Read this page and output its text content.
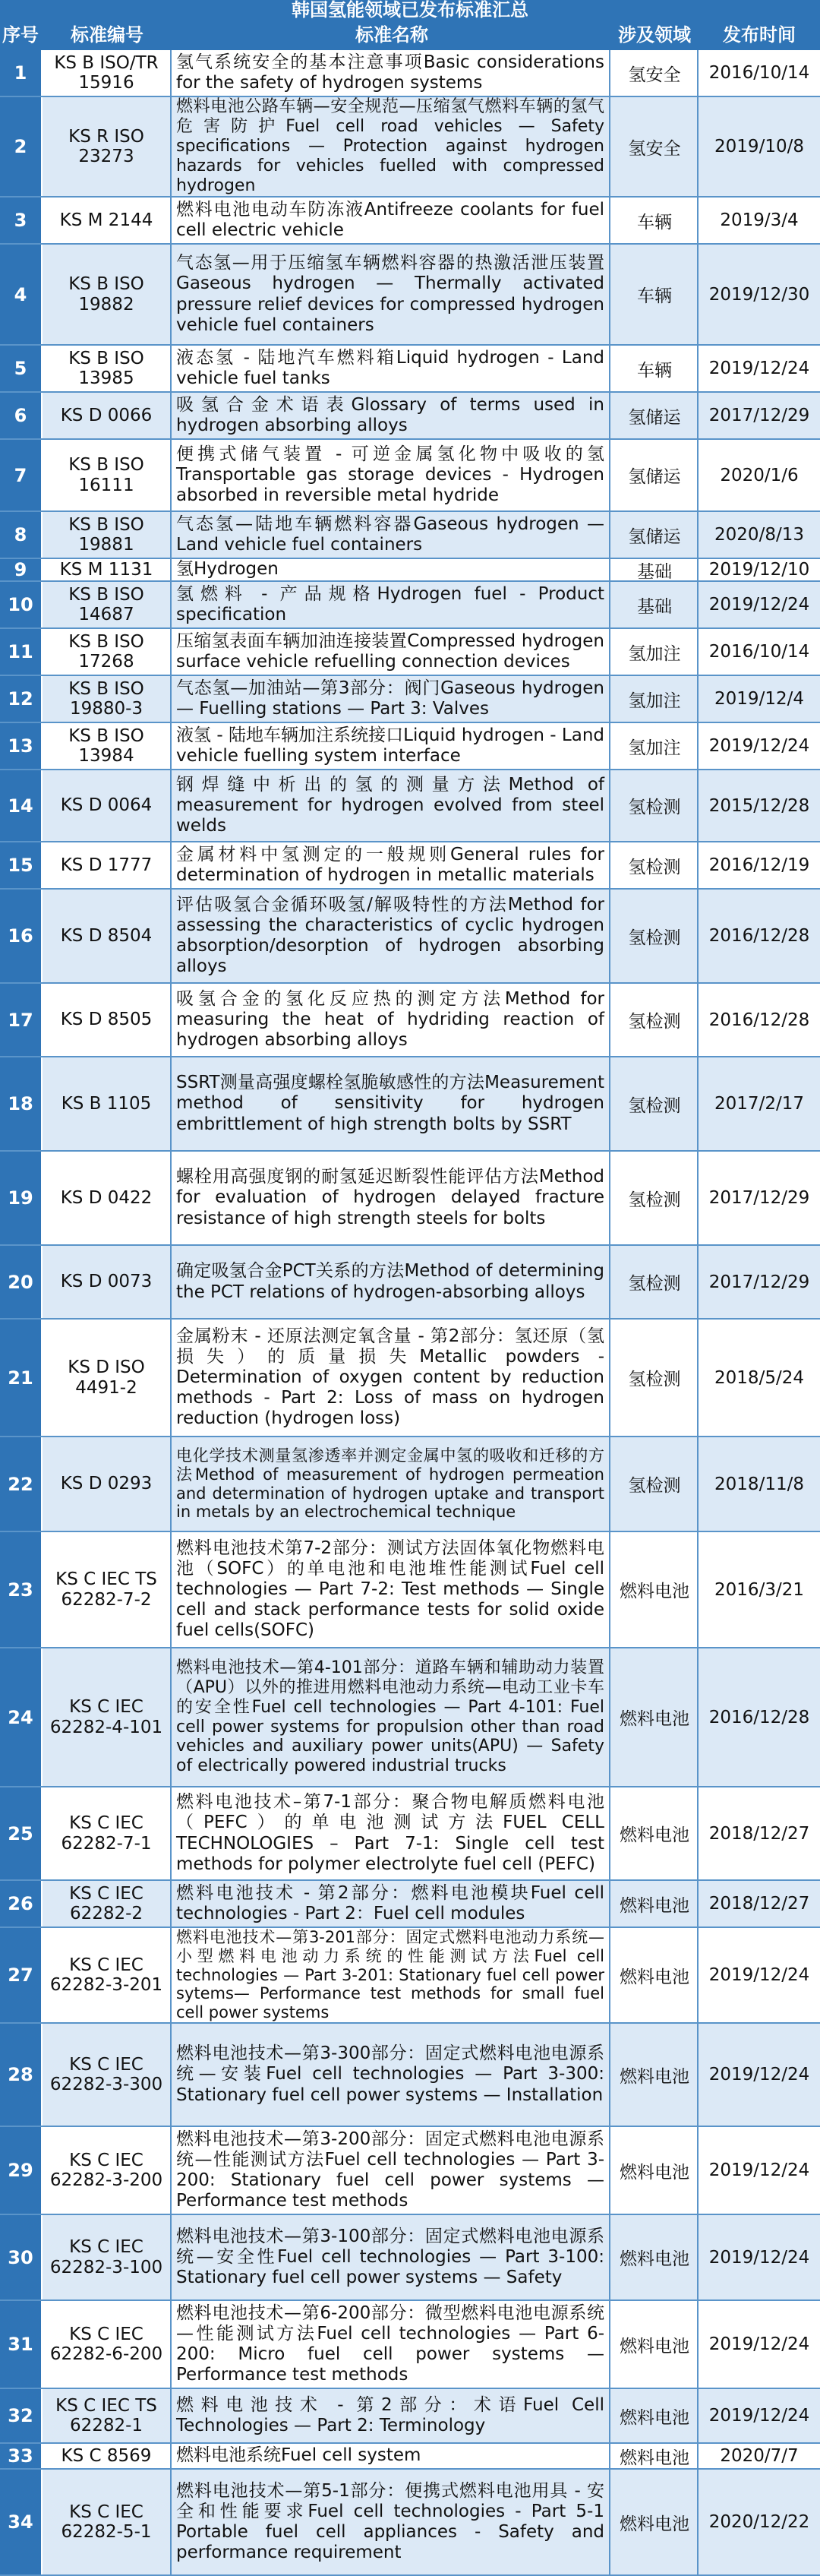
韩国氢能领域已发布标准汇总
序号	标准编号	标准名称	涉及领域	发布时间
1	KS B ISO/TR 15916
氢气系统安全的基本注意事项Basic considerations for the safety of hydrogen systems	氢安全 2016/10/14
2	KS R ISO 23273
燃料电池公路车辆—安全规范—压缩氢气燃料车辆的氢气危害防护Fuel cell road vehicles — Safety specifications — Protection against hydrogen hazards for vehicles fuelled with compressed hydrogen
氢安全 2019/10/8
3 KS M 2144
燃料电池电动车防冻液Antifreeze coolants for fuel cell electric vehicle	车辆	2019/3/4
4	KS B ISO 19882
气态氢—用于压缩氢车辆燃料容器的热激活泄压装置Gaseous hydrogen — Thermally activated pressure relief devices for compressed hydrogen vehicle fuel containers
车辆 2019/12/30
5	KS B ISO 13985
液态氢 - 陆地汽车燃料箱Liquid hydrogen - Land vehicle fuel tanks	车辆 2019/12/24
6 KS D 0066
吸氢合金术语表Glossary of terms used in hydrogen absorbing alloys	氢储运 2017/12/29
7	KS B ISO 16111
便携式储气装置 - 可逆金属氢化物中吸收的氢Transportable gas storage devices - Hydrogen absorbed in reversible metal hydride
氢储运 2020/1/6
8	KS B ISO 19881
气态氢—陆地车辆燃料容器Gaseous hydrogen — Land vehicle fuel containers	氢储运 2020/8/13
9 KS M 1131 氢Hydrogen	基础 2019/12/10
10	KS B ISO 14687
氢燃料 - 产品规格Hydrogen fuel - Product specification	基础 2019/12/24
11	KS B ISO 17268
压缩氢表面车辆加油连接装置Compressed hydrogen surface vehicle refuelling connection devices	氢加注 2016/10/14
12	KS B ISO 19880-3
气态氢—加油站—第3部分：阀门Gaseous hydrogen — Fuelling stations — Part 3: Valves	氢加注 2019/12/4
13	KS B ISO 13984
液氢 - 陆地车辆加注系统接口Liquid hydrogen - Land vehicle fuelling system interface	氢加注 2019/12/24
14 KS D 0064
钢焊缝中析出的氢的测量方法Method of measurement for hydrogen evolved from steel welds
氢检测 2015/12/28
15 KS D 1777
金属材料中氢测定的一般规则General rules for determination of hydrogen in metallic materials	氢检测 2016/12/19
16 KS D 8504
评估吸氢合金循环吸氢/解吸特性的方法Method for assessing the characteristics of cyclic hydrogen absorption/desorption of hydrogen absorbing alloys
氢检测 2016/12/28
17 KS D 8505
吸氢合金的氢化反应热的测定方法Method for measuring the heat of hydriding reaction of hydrogen absorbing alloys
氢检测 2016/12/28
18 KS B 1105
SSRT测量高强度螺栓氢脆敏感性的方法Measurement method of sensitivity for hydrogen embrittlement of high strength bolts by SSRT
氢检测 2017/2/17
19 KS D 0422
螺栓用高强度钢的耐氢延迟断裂性能评估方法Method for evaluation of hydrogen delayed fracture resistance of high strength steels for bolts
氢检测 2017/12/29
20 KS D 0073
确定吸氢合金PCT关系的方法Method of determining the PCT relations of hydrogen-absorbing alloys	氢检测 2017/12/29
21	KS D ISO 4491-2
金属粉末 - 还原法测定氧含量 - 第2部分：氢还原（氢损失）的质量损失Metallic powders - Determination of oxygen content by reduction methods - Part 2: Loss of mass on hydrogen reduction (hydrogen loss)
氢检测 2018/5/24
22 KS D 0293
电化学技术测量氢渗透率并测定金属中氢的吸收和迁移的方法Method of measurement of hydrogen permeation and determination of hydrogen uptake and transport in metals by an electrochemical technique
氢检测 2018/11/8
23	KS C IEC TS 62282-7-2
燃料电池技术第7-2部分：测试方法固体氧化物燃料电池（SOFC）的单电池和电池堆性能测试Fuel cell technologies — Part 7-2: Test methods — Single cell and stack performance tests for solid oxide fuel cells(SOFC)
燃料电池 2016/3/21
24	KS C IEC 62282-4-101
燃料电池技术—第4-101部分：道路车辆和辅助动力装置（APU）以外的推进用燃料电池动力系统—电动工业卡车的安全性Fuel cell technologies — Part 4-101: Fuel cell power systems for propulsion other than road vehicles and auxiliary power units(APU) — Safety of electrically powered industrial trucks
燃料电池 2016/12/28
25	KS C IEC 62282-7-1
燃料电池技术–第7-1部分：聚合物电解质燃料电池（PEFC）的单电池测试方法FUEL CELL TECHNOLOGIES – Part 7-1: Single cell test methods for polymer electrolyte fuel cell (PEFC)
燃料电池 2018/12/27
26	KS C IEC 62282-2
燃料电池技术 - 第2部分：燃料电池模块Fuel cell technologies - Part 2：Fuel cell modules	燃料电池 2018/12/27
27	KS C IEC 62282-3-201
燃料电池技术—第3-201部分：固定式燃料电池动力系统—小型燃料电池动力系统的性能测试方法Fuel cell technologies — Part 3-201: Stationary fuel cell power sytems— Performance test methods for small fuel cell power systems
燃料电池 2019/12/24
28	KS C IEC 62282-3-300
燃料电池技术—第3-300部分：固定式燃料电池电源系统—安装Fuel cell technologies — Part 3-300: Stationary fuel cell power systems — Installation
燃料电池 2019/12/24
29	KS C IEC 62282-3-200
燃料电池技术—第3-200部分：固定式燃料电池电源系统—性能测试方法Fuel cell technologies — Part 3-200: Stationary fuel cell power systems — Performance test methods
燃料电池 2019/12/24
30	KS C IEC 62282-3-100
燃料电池技术—第3-100部分：固定式燃料电池电源系统—安全性Fuel cell technologies — Part 3-100: Stationary fuel cell power systems — Safety
燃料电池 2019/12/24
31	KS C IEC 62282-6-200
燃料电池技术—第6-200部分：微型燃料电池电源系统—性能测试方法Fuel cell technologies — Part 6-200: Micro fuel cell power systems — Performance test methods
燃料电池 2019/12/24
32	KS C IEC TS 62282-1
燃料电池技术 - 第2部分：术语Fuel Cell Technologies — Part 2: Terminology	燃料电池 2019/12/24
33 KS C 8569 燃料电池系统Fuel cell system	燃料电池 2020/7/7
34	KS C IEC 62282-5-1
燃料电池技术—第5-1部分：便携式燃料电池用具 - 安全和性能要求Fuel cell technologies - Part 5-1 Portable fuel cell appliances - Safety and performance requirement
燃料电池 2020/12/22
